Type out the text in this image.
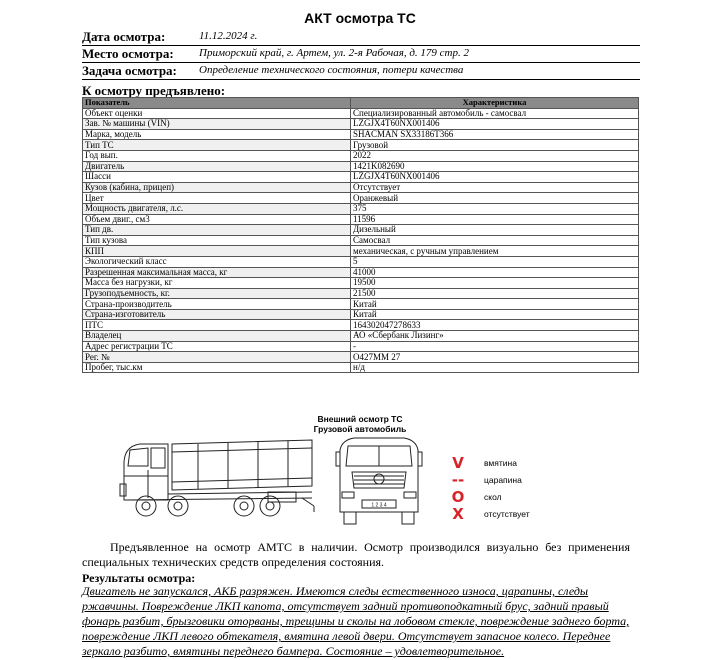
АКТ осмотра ТС
Дата осмотра:	11.12.2024 г.
Место осмотра: Приморский край, г. Артем, ул. 2-я Рабочая, д. 179 стр. 2
Задача осмотра: Определение технического состояния, потери качества
К осмотру предъявлено:
Показатель	Характеристика
Объект оценки	Специализированный автомобиль - самосвал
Зав. № машины (VIN)	LZGJX4T60NX001406
Марка, модель	SHACMAN SX33186T366
Тип ТС	Грузовой
Год вып.	2022
Двигатель	1421K082690
Шасси	LZGJX4T60NX001406
Кузов (кабина, прицеп)	Отсутствует
Цвет	Оранжевый
Мощность двигателя, л.с.	375
Объем двиг., см3	11596
Тип дв.	Дизельный
Тип кузова	Самосвал
КПП	механическая, с ручным управлением
Экологический класс	5
Разрешенная максимальная масса, кг	41000
Масса без нагрузки, кг	19500
Грузоподъемность, кг.	21500
Страна-производитель	Китай
Страна-изготовитель	Китай
ПТС	164302047278633
Владелец	АО «Сбербанк Лизинг»
Адрес регистрации ТС	-
Рег. №	О427ММ 27
Пробег, тыс.км	н/д
Внешний осмотр ТС
Грузовой автомобиль
1 2 3 4
V	вмятина
--	царапина
O	скол
X	отсутствует
Предъявленное на осмотр АМТС в наличии. Осмотр производился визуально без применения специальных технических средств определения состояния.
Результаты осмотра:
Двигатель не запускался, АКБ разряжен. Имеются следы естественного износа, царапины, следы ржавчины. Повреждение ЛКП капота, отсутствует задний противоподкатный брус, задний правый фонарь разбит, брызговики оторваны, трещины и сколы на лобовом стекле, повреждение заднего борта, повреждение ЛКП левого обтекателя, вмятина левой двери. Отсутствует запасное колесо. Переднее зеркало разбито, вмятины переднего бампера. Состояние – удовлетворительное.
